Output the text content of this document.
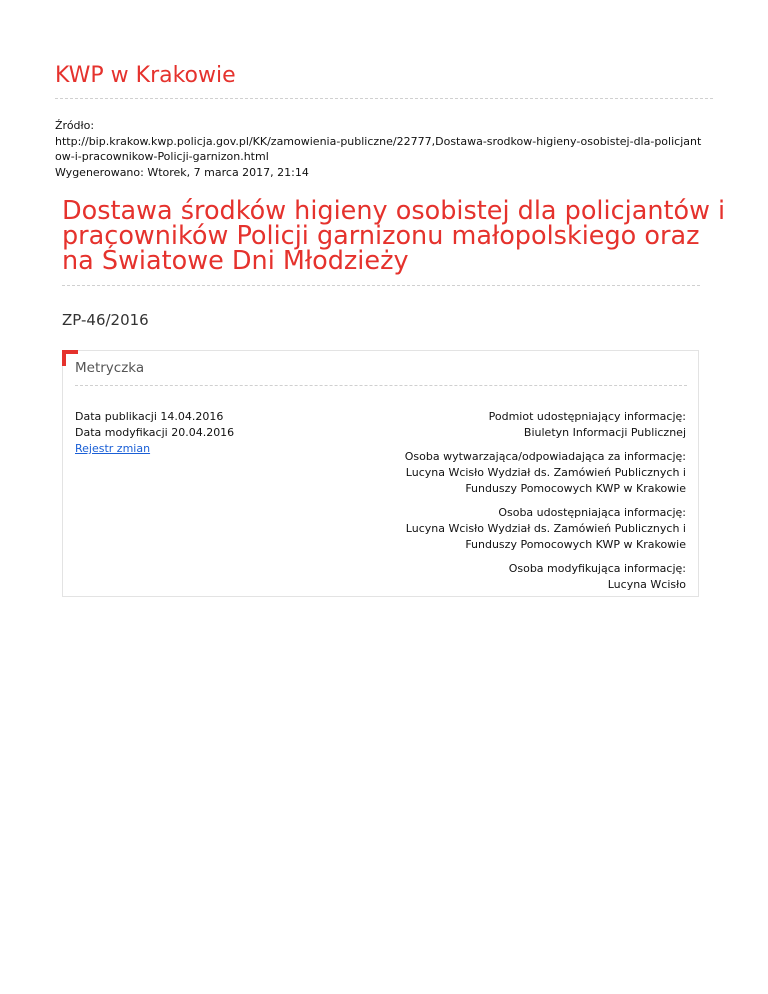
KWP w Krakowie
Źródło:
http://bip.krakow.kwp.policja.gov.pl/KK/zamowienia-publiczne/22777,Dostawa-srodkow-higieny-osobistej-dla-policjant
ow-i-pracownikow-Policji-garnizon.html
Wygenerowano: Wtorek, 7 marca 2017, 21:14
Dostawa środków higieny osobistej dla policjantów i
pracowników Policji garnizonu małopolskiego oraz
na Światowe Dni Młodzieży
ZP-46/2016
Metryczka
Data publikacji 14.04.2016
Data modyfikacji 20.04.2016
Rejestr zmian
Podmiot udostępniający informację:
Biuletyn Informacji Publicznej
Osoba wytwarzająca/odpowiadająca za informację:
Lucyna Wcisło Wydział ds. Zamówień Publicznych i
Funduszy Pomocowych KWP w Krakowie
Osoba udostępniająca informację:
Lucyna Wcisło Wydział ds. Zamówień Publicznych i
Funduszy Pomocowych KWP w Krakowie
Osoba modyfikująca informację:
Lucyna Wcisło
